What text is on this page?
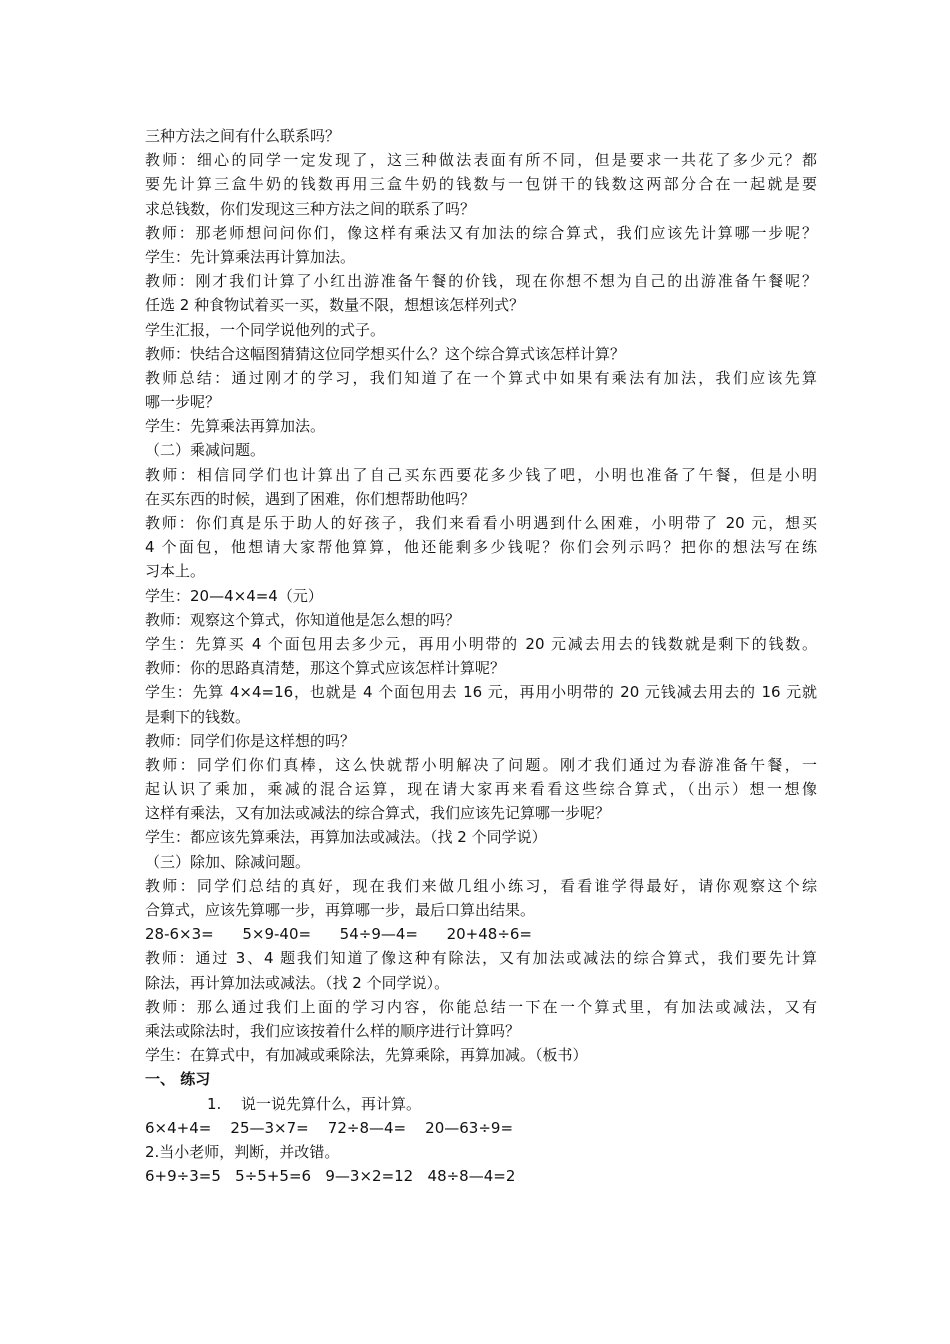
三种方法之间有什么联系吗？
教师：细心的同学一定发现了，这三种做法表面有所不同，但是要求一共花了多少元？都
要先计算三盒牛奶的钱数再用三盒牛奶的钱数与一包饼干的钱数这两部分合在一起就是要
求总钱数，你们发现这三种方法之间的联系了吗？
教师：那老师想问问你们，像这样有乘法又有加法的综合算式，我们应该先计算哪一步呢？
学生：先计算乘法再计算加法。
教师：刚才我们计算了小红出游准备午餐的价钱，现在你想不想为自己的出游准备午餐呢？
任选 2 种食物试着买一买，数量不限，想想该怎样列式？
学生汇报，一个同学说他列的式子。
教师：快结合这幅图猜猜这位同学想买什么？这个综合算式该怎样计算？
教师总结：通过刚才的学习，我们知道了在一个算式中如果有乘法有加法，我们应该先算
哪一步呢？
学生：先算乘法再算加法。
（二）乘减问题。
教师：相信同学们也计算出了自己买东西要花多少钱了吧，小明也准备了午餐，但是小明
在买东西的时候，遇到了困难，你们想帮助他吗？
教师：你们真是乐于助人的好孩子，我们来看看小明遇到什么困难，小明带了 20 元，想买
4 个面包，他想请大家帮他算算，他还能剩多少钱呢？你们会列示吗？把你的想法写在练
习本上。
学生：20—4×4=4（元）
教师：观察这个算式，你知道他是怎么想的吗？
学生：先算买 4 个面包用去多少元，再用小明带的 20 元减去用去的钱数就是剩下的钱数。
教师：你的思路真清楚，那这个算式应该怎样计算呢？
学生：先算 4×4=16，也就是 4 个面包用去 16 元，再用小明带的 20 元钱减去用去的 16 元就
是剩下的钱数。
教师：同学们你是这样想的吗？
教师：同学们你们真棒，这么快就帮小明解决了问题。刚才我们通过为春游准备午餐，一
起认识了乘加，乘减的混合运算，现在请大家再来看看这些综合算式，（出示）想一想像
这样有乘法，又有加法或减法的综合算式，我们应该先记算哪一步呢？
学生：都应该先算乘法，再算加法或减法。（找 2 个同学说）
（三）除加、除减问题。
教师：同学们总结的真好，现在我们来做几组小练习，看看谁学得最好，请你观察这个综
合算式，应该先算哪一步，再算哪一步，最后口算出结果。
28-6×3=      5×9-40=      54÷9—4=      20+48÷6=
教师：通过 3、4 题我们知道了像这种有除法，又有加法或减法的综合算式，我们要先计算
除法，再计算加法或减法。（找 2 个同学说）。
教师：那么通过我们上面的学习内容，你能总结一下在一个算式里，有加法或减法，又有
乘法或除法时，我们应该按着什么样的顺序进行计算吗？
学生：在算式中，有加减或乘除法，先算乘除，再算加减。（板书）
一、 练习
1. 说一说先算什么，再计算。
6×4+4=    25—3×7=    72÷8—4=    20—63÷9=
2.当小老师，判断，并改错。
6+9÷3=5   5÷5+5=6   9—3×2=12   48÷8—4=2
